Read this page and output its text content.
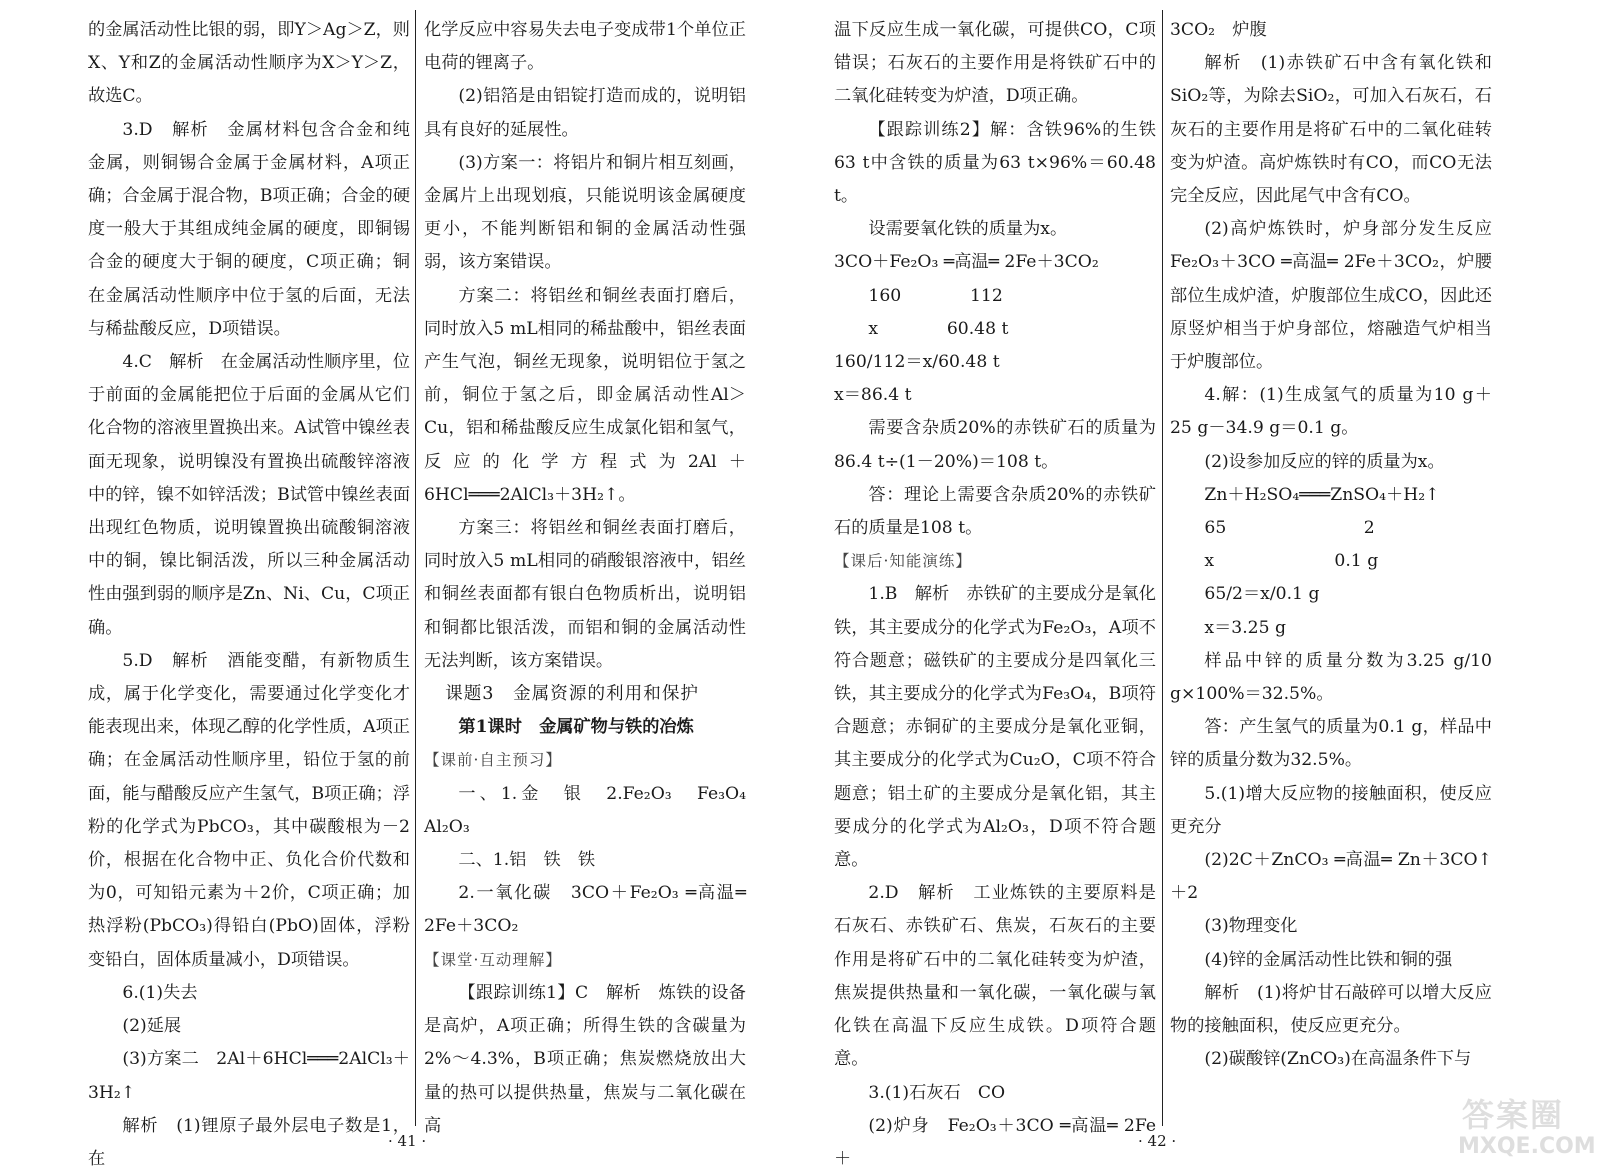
的金属活动性比银的弱，即Y＞Ag＞Z，则X、Y和Z的金属活动性顺序为X＞Y＞Z，故选C。

3.D　解析　金属材料包含合金和纯金属，则铜锡合金属于金属材料，A项正确；合金属于混合物，B项正确；合金的硬度一般大于其组成纯金属的硬度，即铜锡合金的硬度大于铜的硬度，C项正确；铜在金属活动性顺序中位于氢的后面，无法与稀盐酸反应，D项错误。

4.C　解析　在金属活动性顺序里，位于前面的金属能把位于后面的金属从它们化合物的溶液里置换出来。A试管中镍丝表面无现象，说明镍没有置换出硫酸锌溶液中的锌，镍不如锌活泼；B试管中镍丝表面出现红色物质，说明镍置换出硫酸铜溶液中的铜，镍比铜活泼，所以三种金属活动性由强到弱的顺序是Zn、Ni、Cu，C项正确。

5.D　解析　酒能变醋，有新物质生成，属于化学变化，需要通过化学变化才能表现出来，体现乙醇的化学性质，A项正确；在金属活动性顺序里，铅位于氢的前面，能与醋酸反应产生氢气，B项正确；浮粉的化学式为PbCO₃，其中碳酸根为－2价，根据在化合物中正、负化合价代数和为0，可知铅元素为＋2价，C项正确；加热浮粉(PbCO₃)得铅白(PbO)固体，浮粉变铅白，固体质量减小，D项错误。

6.(1)失去

(2)延展

(3)方案二　2Al＋6HCl═══2AlCl₃＋3H₂↑

解析　(1)锂原子最外层电子数是1，在

化学反应中容易失去电子变成带1个单位正电荷的锂离子。

(2)铝箔是由铝锭打造而成的，说明铝具有良好的延展性。

(3)方案一：将铝片和铜片相互刻画，金属片上出现划痕，只能说明该金属硬度更小，不能判断铝和铜的金属活动性强弱，该方案错误。

方案二：将铝丝和铜丝表面打磨后，同时放入5 mL相同的稀盐酸中，铝丝表面产生气泡，铜丝无现象，说明铝位于氢之前，铜位于氢之后，即金属活动性Al＞Cu，铝和稀盐酸反应生成氯化铝和氢气，反应的化学方程式为2Al＋6HCl═══2AlCl₃＋3H₂↑。

方案三：将铝丝和铜丝表面打磨后，同时放入5 mL相同的硝酸银溶液中，铝丝和铜丝表面都有银白色物质析出，说明铝和铜都比银活泼，而铝和铜的金属活动性无法判断，该方案错误。

课题3　金属资源的利用和保护

第1课时　金属矿物与铁的冶炼

【课前·自主预习】

一、1.金　银　2.Fe₂O₃　Fe₃O₄　Al₂O₃

二、1.铝　铁　铁

2.一氧化碳　3CO＋Fe₂O₃ ═高温═ 2Fe＋3CO₂

【课堂·互动理解】

【跟踪训练1】C　解析　炼铁的设备是高炉，A项正确；所得生铁的含碳量为2%～4.3%，B项正确；焦炭燃烧放出大量的热可以提供热量，焦炭与二氧化碳在高

· 41 ·

温下反应生成一氧化碳，可提供CO，C项错误；石灰石的主要作用是将铁矿石中的二氧化硅转变为炉渣，D项正确。

【跟踪训练2】解：含铁96%的生铁63 t中含铁的质量为63 t×96%＝60.48 t。

设需要氧化铁的质量为x。

3CO＋Fe₂O₃ ═高温═ 2Fe＋3CO₂

160　　　　112

x　　　　60.48 t

160/112＝x/60.48 t

x＝86.4 t

需要含杂质20%的赤铁矿石的质量为86.4 t÷(1－20%)＝108 t。

答：理论上需要含杂质20%的赤铁矿石的质量是108 t。

【课后·知能演练】

1.B　解析　赤铁矿的主要成分是氧化铁，其主要成分的化学式为Fe₂O₃，A项不符合题意；磁铁矿的主要成分是四氧化三铁，其主要成分的化学式为Fe₃O₄，B项符合题意；赤铜矿的主要成分是氧化亚铜，其主要成分的化学式为Cu₂O，C项不符合题意；铝土矿的主要成分是氧化铝，其主要成分的化学式为Al₂O₃，D项不符合题意。

2.D　解析　工业炼铁的主要原料是石灰石、赤铁矿石、焦炭，石灰石的主要作用是将矿石中的二氧化硅转变为炉渣，焦炭提供热量和一氧化碳，一氧化碳与氧化铁在高温下反应生成铁。D项符合题意。

3.(1)石灰石　CO

(2)炉身　Fe₂O₃＋3CO ═高温═ 2Fe＋

3CO₂　炉腹

解析　(1)赤铁矿石中含有氧化铁和SiO₂等，为除去SiO₂，可加入石灰石，石灰石的主要作用是将矿石中的二氧化硅转变为炉渣。高炉炼铁时有CO，而CO无法完全反应，因此尾气中含有CO。

(2)高炉炼铁时，炉身部分发生反应Fe₂O₃＋3CO ═高温═ 2Fe＋3CO₂，炉腰部位生成炉渣，炉腹部位生成CO，因此还原竖炉相当于炉身部位，熔融造气炉相当于炉腹部位。

4.解：(1)生成氢气的质量为10 g＋25 g－34.9 g＝0.1 g。

(2)设参加反应的锌的质量为x。

Zn＋H₂SO₄═══ZnSO₄＋H₂↑

65　　　　　　　　2

x　　　　　　　0.1 g

65/2＝x/0.1 g

x＝3.25 g

样品中锌的质量分数为3.25 g/10 g×100%＝32.5%。

答：产生氢气的质量为0.1 g，样品中锌的质量分数为32.5%。

5.(1)增大反应物的接触面积，使反应更充分

(2)2C＋ZnCO₃ ═高温═ Zn＋3CO↑　＋2

(3)物理变化

(4)锌的金属活动性比铁和铜的强

解析　(1)将炉甘石敲碎可以增大反应物的接触面积，使反应更充分。

(2)碳酸锌(ZnCO₃)在高温条件下与

· 42 ·
答案圈
MXQE.COM
